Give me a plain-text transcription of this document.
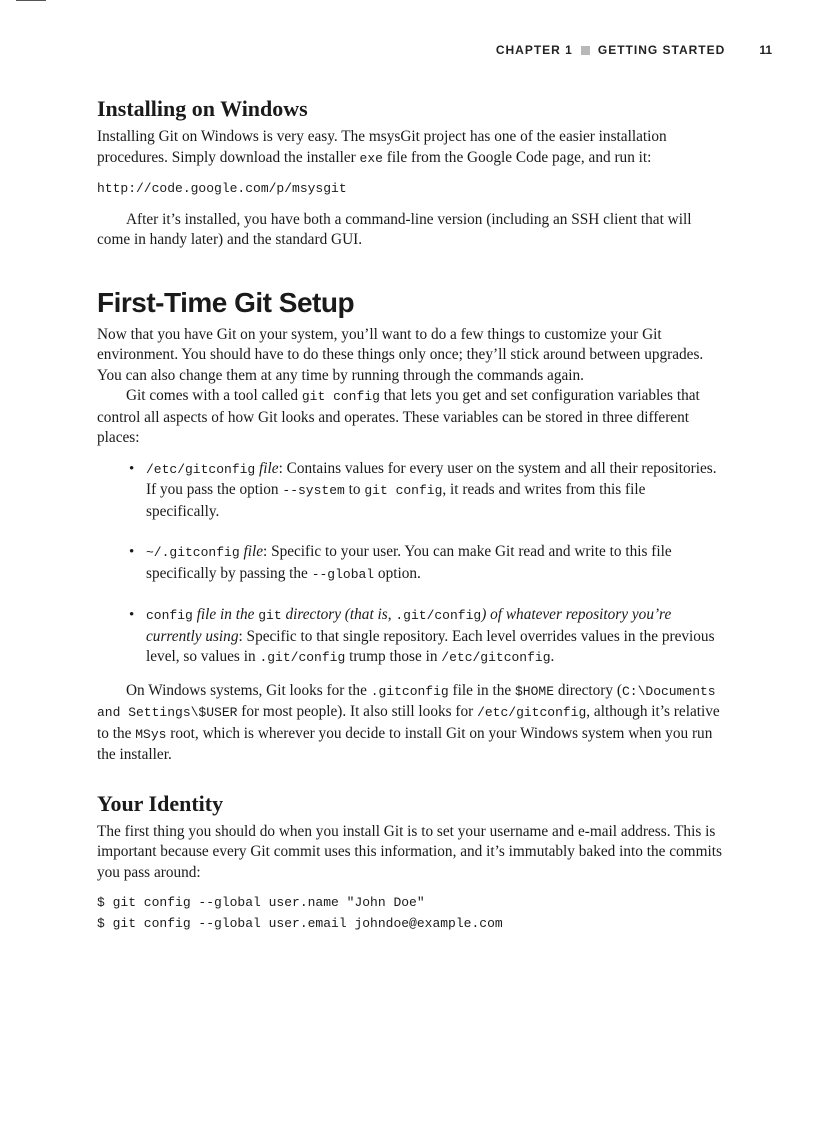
CHAPTER 1 GETTING STARTED	11
Installing on Windows

Installing Git on Windows is very easy. The msysGit project has one of the easier installation procedures. Simply download the installer exe file from the Google Code page, and run it:

http://code.google.com/p/msysgit

After it’s installed, you have both a command-line version (including an SSH client that will come in handy later) and the standard GUI.

First-Time Git Setup

Now that you have Git on your system, you’ll want to do a few things to customize your Git environment. You should have to do these things only once; they’ll stick around between upgrades. You can also change them at any time by running through the commands again.

Git comes with a tool called git config that lets you get and set configuration variables that control all aspects of how Git looks and operates. These variables can be stored in three different places:

• /etc/gitconfig file: Contains values for every user on the system and all their repositories. If you pass the option --system to git config, it reads and writes from this file specifically.
• ~/.gitconfig file: Specific to your user. You can make Git read and write to this file specifically by passing the --global option.
• config file in the git directory (that is, .git/config) of whatever repository you’re currently using: Specific to that single repository. Each level overrides values in the previous level, so values in .git/config trump those in /etc/gitconfig.

On Windows systems, Git looks for the .gitconfig file in the $HOME directory (C:\Documents and Settings\$USER for most people). It also still looks for /etc/gitconfig, although it’s relative to the MSys root, which is wherever you decide to install Git on your Windows system when you run the installer.

Your Identity

The first thing you should do when you install Git is to set your username and e-mail address. This is important because every Git commit uses this information, and it’s immutably baked into the commits you pass around:

$ git config --global user.name "John Doe"
$ git config --global user.email johndoe@example.com
